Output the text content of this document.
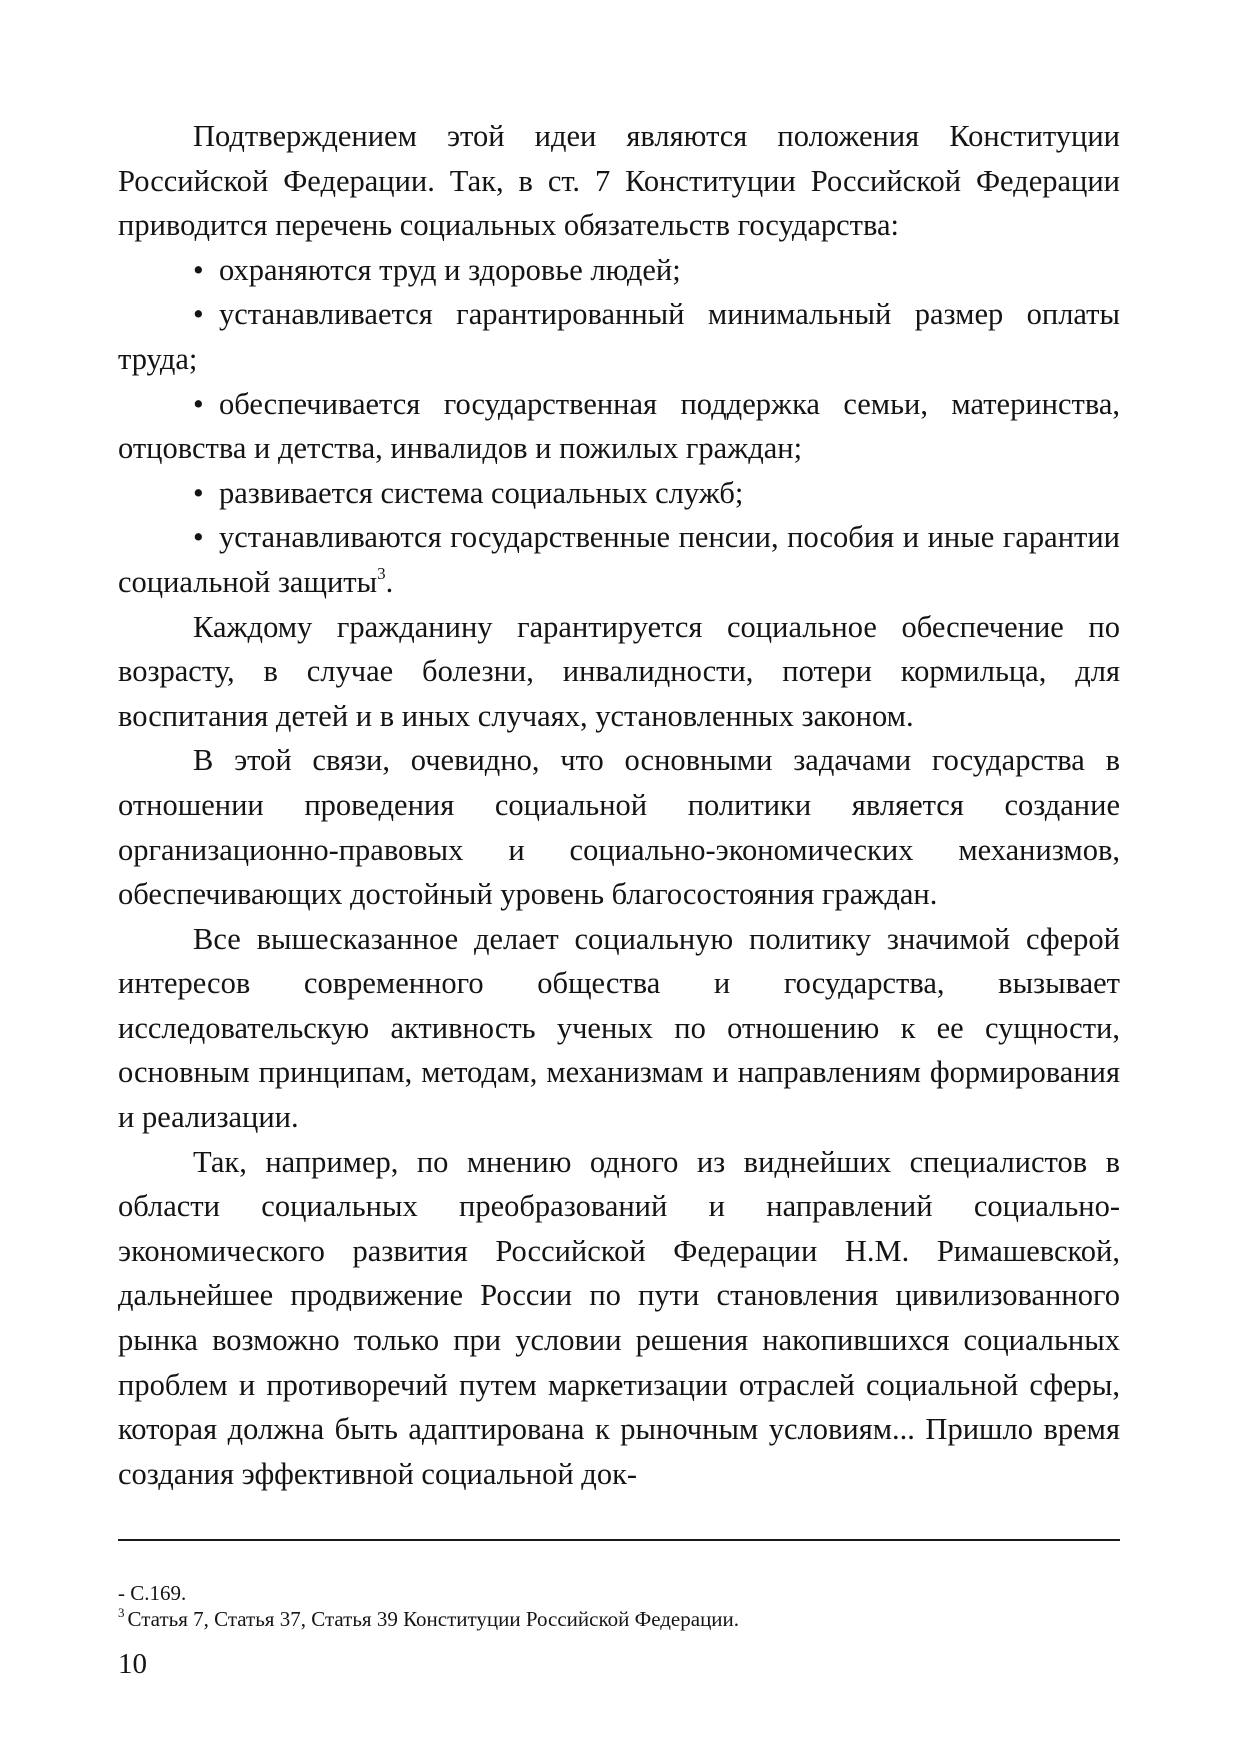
Подтверждением этой идеи являются положения Конституции Российской Федерации. Так, в ст. 7 Конституции Российской Федерации приводится перечень социальных обязательств государства:

• охраняются труд и здоровье людей;

• устанавливается гарантированный минимальный размер оплаты труда;

• обеспечивается государственная поддержка семьи, материнства, отцовства и детства, инвалидов и пожилых граждан;

• развивается система социальных служб;

• устанавливаются государственные пенсии, пособия и иные гарантии социальной защиты$^3$.

Каждому гражданину гарантируется социальное обеспечение по возрасту, в случае болезни, инвалидности, потери кормильца, для воспитания детей и в иных случаях, установленных законом.

В этой связи, очевидно, что основными задачами государства в отношении проведения социальной политики является создание организационно-правовых и социально-экономических механизмов, обеспечивающих достойный уровень благосостояния граждан.

Все вышесказанное делает социальную политику значимой сферой интересов современного общества и государства, вызывает исследовательскую активность ученых по отношению к ее сущности, основным принципам, методам, механизмам и направлениям формирования и реализации.

Так, например, по мнению одного из виднейших специалистов в области социальных преобразований и направлений социально-экономического развития Российской Федерации Н.М. Римашевской, дальнейшее продвижение России по пути становления цивилизованного рынка возможно только при условии решения накопившихся социальных проблем и противоречий путем маркетизации отраслей социальной сферы, которая должна быть адаптирована к рыночным условиям... Пришло время создания эффективной социальной док-

- С.169.

$^3$ Статья 7, Статья 37, Статья 39 Конституции Российской Федерации.

10
